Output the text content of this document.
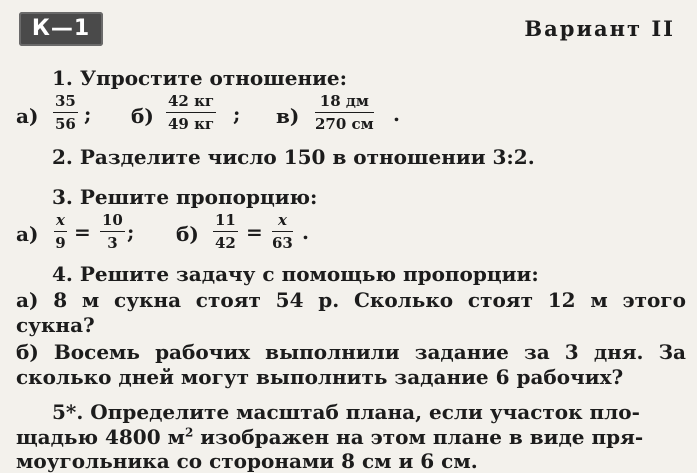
К—1	Вариант II
1. Упростите отношение:
$а) \frac{35}{56}$ ; б)
42 кг
49 кг ; в)
18 дм
270 см .
2. Разделите число 150 в отношении 3:2.
3. Решите пропорцию:
$а) \frac{x}{9} = \frac{10}{3}$ ; $б) \frac{11}{42} = \frac{x}{63}$ .
4. Решите задачу с помощью пропорции:
а) 8 м сукна стоят 54 р. Сколько стоят 12 м этого
сукна?
б) Восемь рабочих выполнили задание за 3 дня. За
сколько дней могут выполнить задание 6 рабочих?
5*. Определите масштаб плана, если участок пло-
щадью 4800 $м^2$ изображен на этом плане в виде пря-
моугольника со сторонами 8 см и 6 см.
